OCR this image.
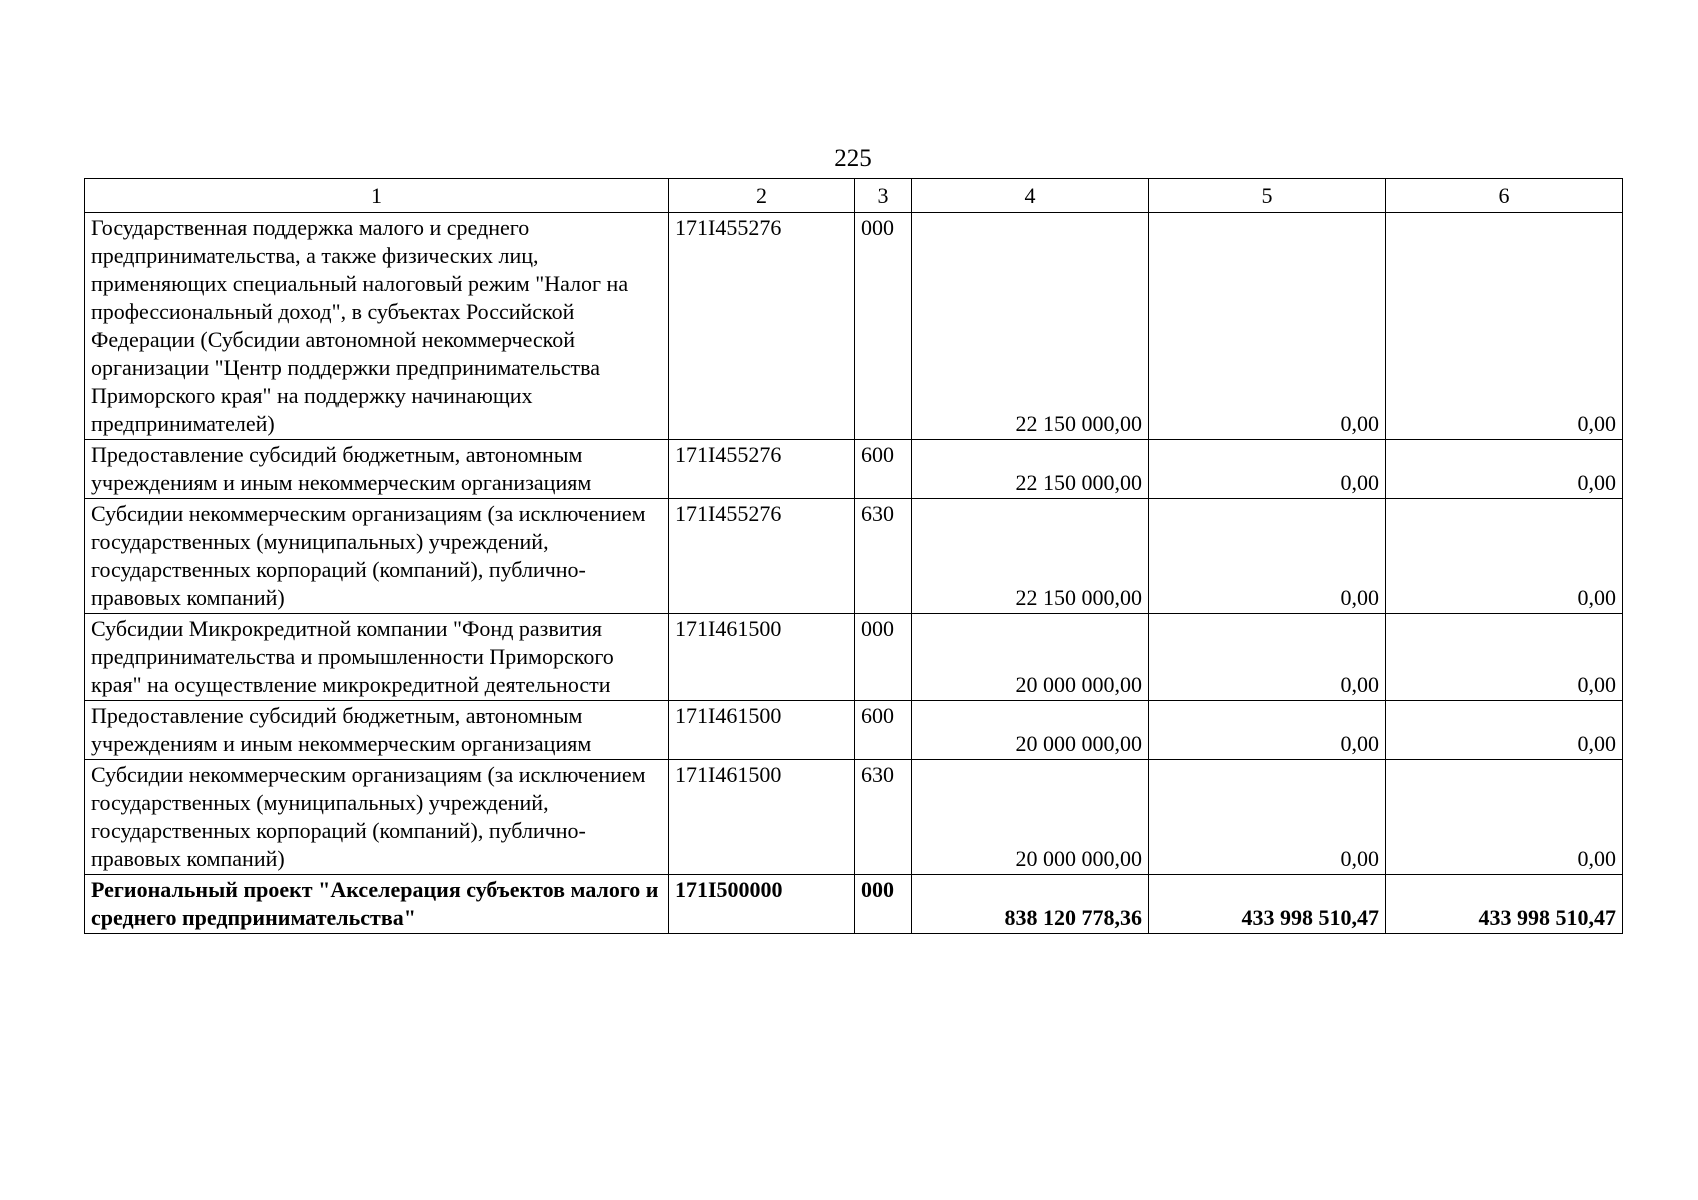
225
1	2	3	4	5	6
Государственная поддержка малого и среднего предпринимательства, а также физических лиц, применяющих специальный налоговый режим "Налог на профессиональный доход", в субъектах Российской Федерации (Субсидии автономной некоммерческой организации "Центр поддержки предпринимательства Приморского края" на поддержку начинающих предпринимателей)	171I455276	000	22 150 000,00	0,00	0,00
Предоставление субсидий бюджетным, автономным учреждениям и иным некоммерческим организациям	171I455276	600	22 150 000,00	0,00	0,00
Субсидии некоммерческим организациям (за исключением государственных (муниципальных) учреждений, государственных корпораций (компаний), публично-правовых компаний)	171I455276	630	22 150 000,00	0,00	0,00
Субсидии Микрокредитной компании "Фонд развития предпринимательства и промышленности Приморского края" на осуществление микрокредитной деятельности	171I461500	000	20 000 000,00	0,00	0,00
Предоставление субсидий бюджетным, автономным учреждениям и иным некоммерческим организациям	171I461500	600	20 000 000,00	0,00	0,00
Субсидии некоммерческим организациям (за исключением государственных (муниципальных) учреждений, государственных корпораций (компаний), публично-правовых компаний)	171I461500	630	20 000 000,00	0,00	0,00
Региональный проект "Акселерация субъектов малого и среднего предпринимательства"	171I500000	000	838 120 778,36	433 998 510,47	433 998 510,47
